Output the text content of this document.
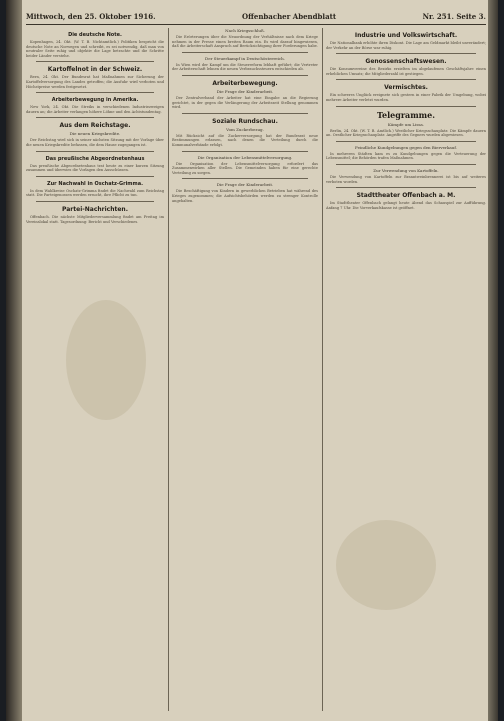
Mittwoch, den 25. Oktober 1916.	Offenbacher Abendblatt	Nr. 251. Seite 3.
Die deutsche Note.

Kopenhagen, 24. Okt. (W. T. B. Nichtamtlich.) Politiken bespricht die deutsche Note an Norwegen und schreibt, es sei notwendig, daß man von neutraler Seite ruhig und objektiv die Lage betrachte und die Schritte beider Länder verstehe.

Kartoffelnot in der Schweiz.

Bern, 24. Okt. Der Bundesrat hat Maßnahmen zur Sicherung der Kartoffelversorgung des Landes getroffen; die Ausfuhr wird verboten und Höchstpreise werden festgesetzt.

Arbeiterbewegung in Amerika.

New York, 24. Okt. Die Streiks in verschiedenen Industriezweigen dauern an; die Arbeiter verlangen höhere Löhne und den Achtstundentag.

Aus dem Reichstage.
Die neuen Kriegskredite.

Der Reichstag wird sich in seiner nächsten Sitzung mit der Vorlage über die neuen Kriegskredite befassen, die dem Hause zugegangen ist.

Das preußische Abgeordnetenhaus

Das preußische Abgeordnetenhaus trat heute zu einer kurzen Sitzung zusammen und überwies die Vorlagen den Ausschüssen.

Zur Nachwahl in Oschatz-Grimma.

In dem Wahlkreise Oschatz-Grimma findet die Nachwahl zum Reichstag statt. Die Parteigenossen werden ersucht, ihre Pflicht zu tun.

Partei-Nachrichten.

Offenbach. Die nächste Mitgliederversammlung findet am Freitag im Vereinslokal statt. Tagesordnung: Bericht und Verschiedenes.

Nach Kriegsschluß.

Die Erörterungen über die Neuordnung der Verhältnisse nach dem Kriege nehmen in der Presse einen breiten Raum ein. Es wird darauf hingewiesen, daß die Arbeiterschaft Anspruch auf Berücksichtigung ihrer Forderungen habe.

Der Steuerkampf in Deutschösterreich.

In Wien wird der Kampf um die Steuerreform lebhaft geführt; die Vertreter der Arbeiterschaft lehnen die neuen Verbrauchssteuern entschieden ab.

Arbeiterbewegung.
Die Frage der Kinderarbeit.

Der Zentralverband der Arbeiter hat eine Eingabe an die Regierung gerichtet, in der gegen die Verlängerung der Arbeitszeit Stellung genommen wird.

Soziale Rundschau.
Vom Zuckerbezug.

Mit Rücksicht auf die Zuckerversorgung hat der Bundesrat neue Bestimmungen erlassen, nach denen die Verteilung durch die Kommunalverbände erfolgt.

Die Organisation der Lebensmittelversorgung.

Die Organisation der Lebensmittelversorgung erfordert das Zusammenwirken aller Stellen. Die Gemeinden haben für eine gerechte Verteilung zu sorgen.

Die Frage der Kinderarbeit.

Die Beschäftigung von Kindern in gewerblichen Betrieben hat während des Krieges zugenommen; die Aufsichtsbehörden werden zu strenger Kontrolle angehalten.

Industrie und Volkswirtschaft.

Die Nationalbank erhöhte ihren Diskont. Die Lage am Geldmarkt bleibt unverändert; der Verkehr an der Börse war ruhig.

Genossenschaftswesen.

Die Konsumvereine des Bezirks erzielten im abgelaufenen Geschäftsjahre einen erheblichen Umsatz; die Mitgliederzahl ist gestiegen.

Vermischtes.

Ein schweres Unglück ereignete sich gestern in einer Fabrik der Umgebung, wobei mehrere Arbeiter verletzt wurden.

Telegramme.
Kämpfe um Lissa.

Berlin, 24. Okt. (W. T. B. Amtlich.) Westlicher Kriegsschauplatz: Die Kämpfe dauern an. Oestlicher Kriegsschauplatz: Angriffe des Gegners wurden abgewiesen.

Feindliche Kundgebungen gegen den Bierverkauf.

In mehreren Städten kam es zu Kundgebungen gegen die Verteuerung der Lebensmittel; die Behörden trafen Maßnahmen.

Zur Verwendung von Kartoffeln.

Die Verwendung von Kartoffeln zur Branntweinbrennerei ist bis auf weiteres verboten worden.

Stadttheater Offenbach a. M.

Im Stadttheater Offenbach gelangt heute Abend das Schauspiel zur Aufführung. Anfang 7 Uhr. Die Vorverkaufskasse ist geöffnet.
